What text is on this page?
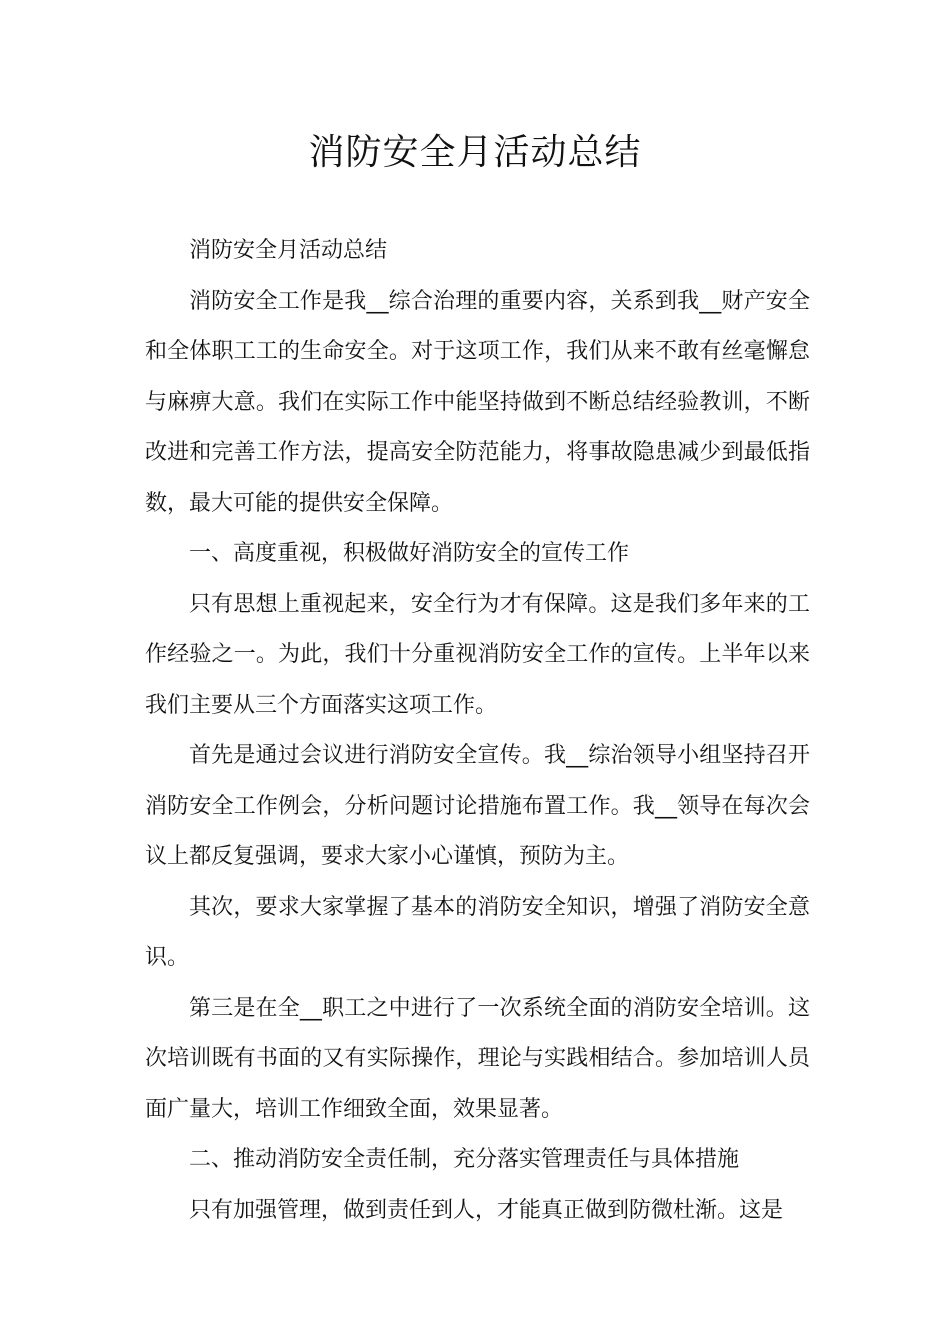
消防安全月活动总结

消防安全月活动总结

消防安全工作是我__综合治理的重要内容，关系到我__财产安全和全体职工工的生命安全。对于这项工作，我们从来不敢有丝毫懈怠与麻痹大意。我们在实际工作中能坚持做到不断总结经验教训，不断改进和完善工作方法，提高安全防范能力，将事故隐患减少到最低指数，最大可能的提供安全保障。

一、高度重视，积极做好消防安全的宣传工作

只有思想上重视起来，安全行为才有保障。这是我们多年来的工作经验之一。为此，我们十分重视消防安全工作的宣传。上半年以来我们主要从三个方面落实这项工作。

首先是通过会议进行消防安全宣传。我__综治领导小组坚持召开消防安全工作例会，分析问题讨论措施布置工作。我__领导在每次会议上都反复强调，要求大家小心谨慎，预防为主。

其次，要求大家掌握了基本的消防安全知识，增强了消防安全意识。

第三是在全__职工之中进行了一次系统全面的消防安全培训。这次培训既有书面的又有实际操作，理论与实践相结合。参加培训人员面广量大，培训工作细致全面，效果显著。

二、推动消防安全责任制，充分落实管理责任与具体措施

只有加强管理，做到责任到人，才能真正做到防微杜渐。这是
